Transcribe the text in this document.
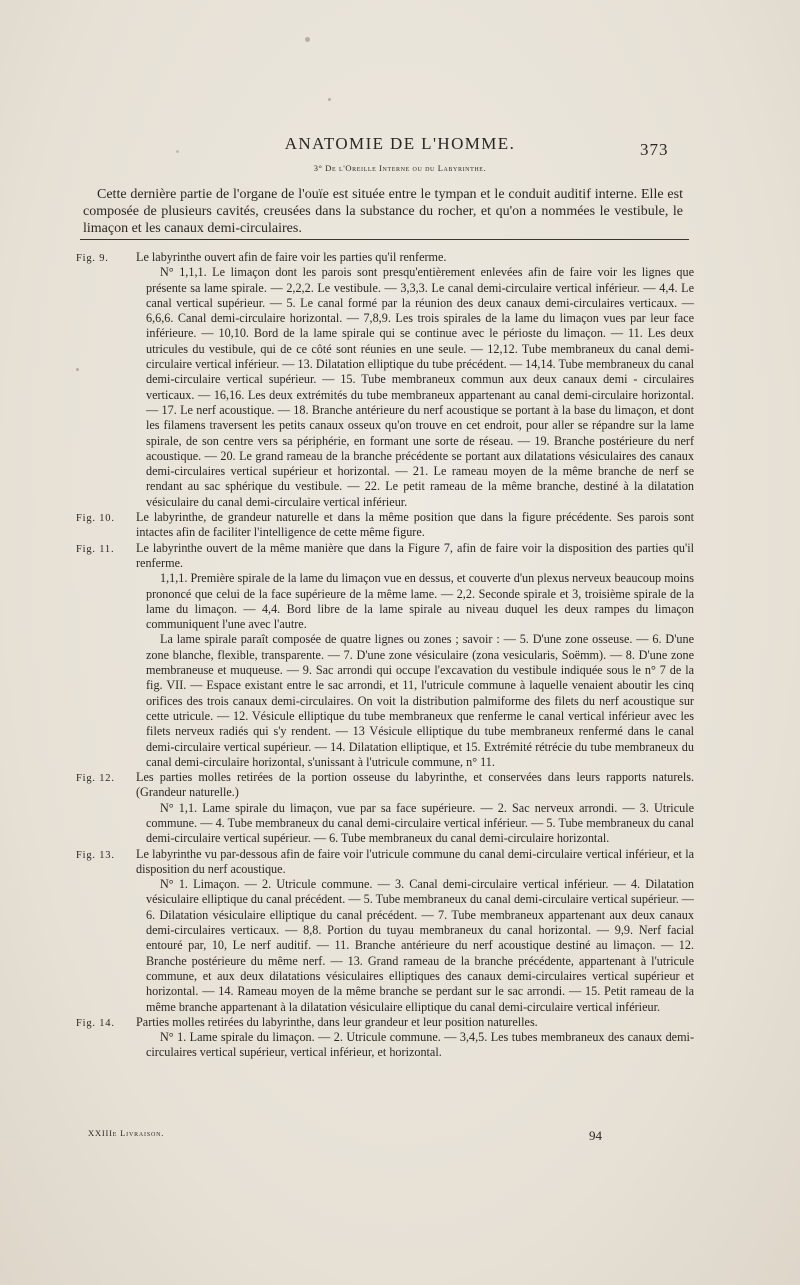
ANATOMIE DE L'HOMME.	373
3° De l'Oreille Interne ou du Labyrinthe.

Cette dernière partie de l'organe de l'ouïe est située entre le tympan et le conduit auditif interne. Elle est composée de plusieurs cavités, creusées dans la substance du rocher, et qu'on a nommées le vestibule, le limaçon et les canaux demi-circulaires.

Fig. 9.	Le labyrinthe ouvert afin de faire voir les parties qu'il renferme.

N° 1,1,1. Le limaçon dont les parois sont presqu'entièrement enlevées afin de faire voir les lignes que présente sa lame spirale. — 2,2,2. Le vestibule. — 3,3,3. Le canal demi-circulaire vertical inférieur. — 4,4. Le canal vertical supérieur. — 5. Le canal formé par la réunion des deux canaux demi-circulaires verticaux. — 6,6,6. Canal demi-circulaire horizontal. — 7,8,9. Les trois spirales de la lame du limaçon vues par leur face inférieure. — 10,10. Bord de la lame spirale qui se continue avec le périoste du limaçon. — 11. Les deux utricules du vestibule, qui de ce côté sont réunies en une seule. — 12,12. Tube membraneux du canal demi-circulaire vertical inférieur. — 13. Dilatation elliptique du tube précédent. — 14,14. Tube membraneux du canal demi-circulaire vertical supérieur. — 15. Tube membraneux commun aux deux canaux demi - circulaires verticaux. — 16,16. Les deux extrémités du tube membraneux appartenant au canal demi-circulaire horizontal. — 17. Le nerf acoustique. — 18. Branche antérieure du nerf acoustique se portant à la base du limaçon, et dont les filamens traversent les petits canaux osseux qu'on trouve en cet endroit, pour aller se répandre sur la lame spirale, de son centre vers sa périphérie, en formant une sorte de réseau. — 19. Branche postérieure du nerf acoustique. — 20. Le grand rameau de la branche précédente se portant aux dilatations vésiculaires des canaux demi-circulaires vertical supérieur et horizontal. — 21. Le rameau moyen de la même branche de nerf se rendant au sac sphérique du vestibule. — 22. Le petit rameau de la même branche, destiné à la dilatation vésiculaire du canal demi-circulaire vertical inférieur.

Fig. 10.	Le labyrinthe, de grandeur naturelle et dans la même position que dans la figure précédente. Ses parois sont intactes afin de faciliter l'intelligence de cette même figure.

Fig. 11.	Le labyrinthe ouvert de la même manière que dans la Figure 7, afin de faire voir la disposition des parties qu'il renferme.

1,1,1. Première spirale de la lame du limaçon vue en dessus, et couverte d'un plexus nerveux beaucoup moins prononcé que celui de la face supérieure de la même lame. — 2,2. Seconde spirale et 3, troisième spirale de la lame du limaçon. — 4,4. Bord libre de la lame spirale au niveau duquel les deux rampes du limaçon communiquent l'une avec l'autre.

La lame spirale paraît composée de quatre lignes ou zones ; savoir : — 5. D'une zone osseuse. — 6. D'une zone blanche, flexible, transparente. — 7. D'une zone vésiculaire (zona vesicularis, Soëmm). — 8. D'une zone membraneuse et muqueuse. — 9. Sac arrondi qui occupe l'excavation du vestibule indiquée sous le n° 7 de la fig. VII. — Espace existant entre le sac arrondi, et 11, l'utricule commune à laquelle venaient aboutir les cinq orifices des trois canaux demi-circulaires. On voit la distribution palmiforme des filets du nerf acoustique sur cette utricule. — 12. Vésicule elliptique du tube membraneux que renferme le canal vertical inférieur avec les filets nerveux radiés qui s'y rendent. — 13 Vésicule elliptique du tube membraneux renfermé dans le canal demi-circulaire vertical supérieur. — 14. Dilatation elliptique, et 15. Extrémité rétrécie du tube membraneux du canal demi-circulaire horizontal, s'unissant à l'utricule commune, n° 11.

Fig. 12.	Les parties molles retirées de la portion osseuse du labyrinthe, et conservées dans leurs rapports naturels. (Grandeur naturelle.)

N° 1,1. Lame spirale du limaçon, vue par sa face supérieure. — 2. Sac nerveux arrondi. — 3. Utricule commune. — 4. Tube membraneux du canal demi-circulaire vertical inférieur. — 5. Tube membraneux du canal demi-circulaire vertical supérieur. — 6. Tube membraneux du canal demi-circulaire horizontal.

Fig. 13.	Le labyrinthe vu par-dessous afin de faire voir l'utricule commune du canal demi-circulaire vertical inférieur, et la disposition du nerf acoustique.

N° 1. Limaçon. — 2. Utricule commune. — 3. Canal demi-circulaire vertical inférieur. — 4. Dilatation vésiculaire elliptique du canal précédent. — 5. Tube membraneux du canal demi-circulaire vertical supérieur. — 6. Dilatation vésiculaire elliptique du canal précédent. — 7. Tube membraneux appartenant aux deux canaux demi-circulaires verticaux. — 8,8. Portion du tuyau membraneux du canal horizontal. — 9,9. Nerf facial entouré par, 10, Le nerf auditif. — 11. Branche antérieure du nerf acoustique destiné au limaçon. — 12. Branche postérieure du même nerf. — 13. Grand rameau de la branche précédente, appartenant à l'utricule commune, et aux deux dilatations vésiculaires elliptiques des canaux demi-circulaires vertical supérieur et horizontal. — 14. Rameau moyen de la même branche se perdant sur le sac arrondi. — 15. Petit rameau de la même branche appartenant à la dilatation vésiculaire elliptique du canal demi-circulaire vertical inférieur.

Fig. 14.	Parties molles retirées du labyrinthe, dans leur grandeur et leur position naturelles.

N° 1. Lame spirale du limaçon. — 2. Utricule commune. — 3,4,5. Les tubes membraneux des canaux demi-circulaires vertical supérieur, vertical inférieur, et horizontal.

XXIIIe Livraison.	94
